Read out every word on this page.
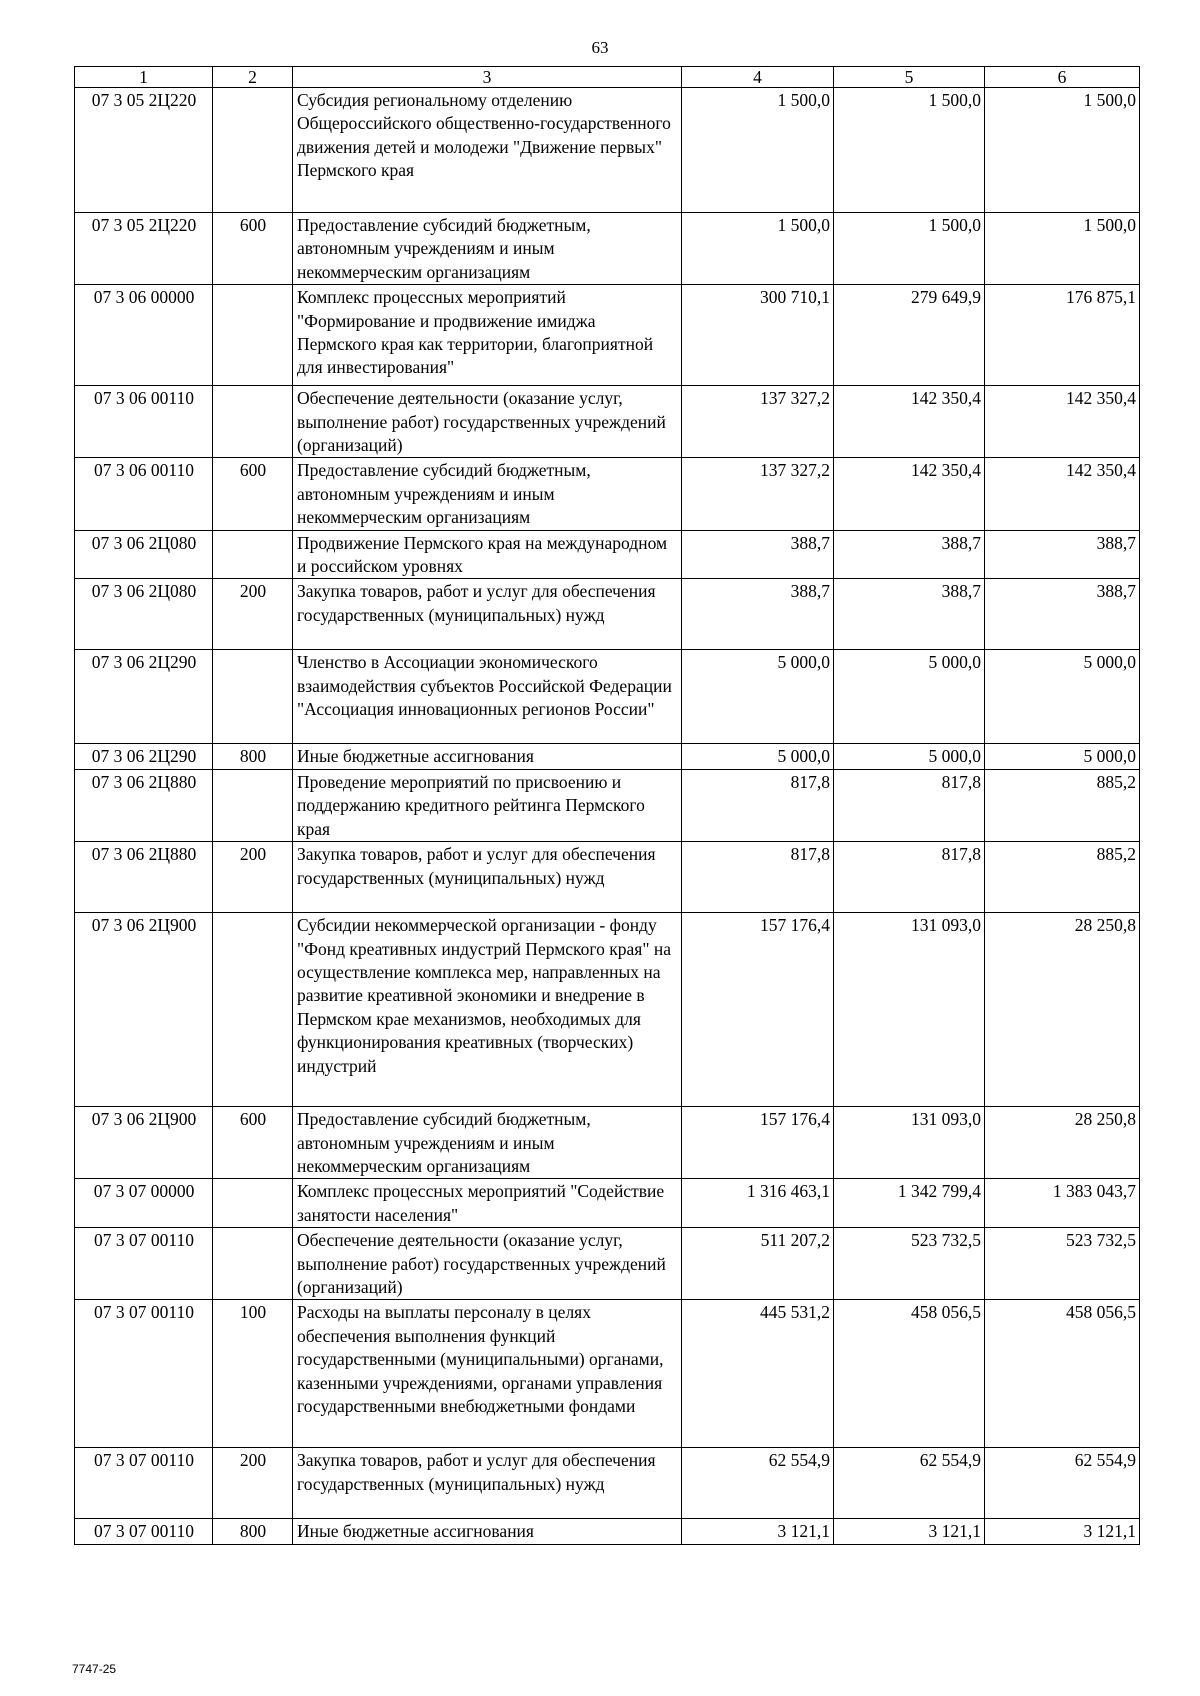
63
1	2	3	4	5	6
07 3 05 2Ц220		Субсидия региональному отделению Общероссийского общественно-государственного движения детей и молодежи "Движение первых" Пермского края	1 500,0	1 500,0	1 500,0
07 3 05 2Ц220	600	Предоставление субсидий бюджетным, автономным учреждениям и иным некоммерческим организациям	1 500,0	1 500,0	1 500,0
07 3 06 00000		Комплекс процессных мероприятий "Формирование и продвижение имиджа Пермского края как территории, благоприятной для инвестирования"	300 710,1	279 649,9	176 875,1
07 3 06 00110		Обеспечение деятельности (оказание услуг, выполнение работ) государственных учреждений (организаций)	137 327,2	142 350,4	142 350,4
07 3 06 00110	600	Предоставление субсидий бюджетным, автономным учреждениям и иным некоммерческим организациям	137 327,2	142 350,4	142 350,4
07 3 06 2Ц080		Продвижение Пермского края на международном и российском уровнях	388,7	388,7	388,7
07 3 06 2Ц080	200	Закупка товаров, работ и услуг для обеспечения государственных (муниципальных) нужд	388,7	388,7	388,7
07 3 06 2Ц290		Членство в Ассоциации экономического взаимодействия субъектов Российской Федерации "Ассоциация инновационных регионов России"	5 000,0	5 000,0	5 000,0
07 3 06 2Ц290	800	Иные бюджетные ассигнования	5 000,0	5 000,0	5 000,0
07 3 06 2Ц880		Проведение мероприятий по присвоению и поддержанию кредитного рейтинга Пермского края	817,8	817,8	885,2
07 3 06 2Ц880	200	Закупка товаров, работ и услуг для обеспечения государственных (муниципальных) нужд	817,8	817,8	885,2
07 3 06 2Ц900		Субсидии некоммерческой организации - фонду "Фонд креативных индустрий Пермского края" на осуществление комплекса мер, направленных на развитие креативной экономики и внедрение в Пермском крае механизмов, необходимых для функционирования креативных (творческих) индустрий	157 176,4	131 093,0	28 250,8
07 3 06 2Ц900	600	Предоставление субсидий бюджетным, автономным учреждениям и иным некоммерческим организациям	157 176,4	131 093,0	28 250,8
07 3 07 00000		Комплекс процессных мероприятий "Содействие занятости населения"	1 316 463,1	1 342 799,4	1 383 043,7
07 3 07 00110		Обеспечение деятельности (оказание услуг, выполнение работ) государственных учреждений (организаций)	511 207,2	523 732,5	523 732,5
07 3 07 00110	100	Расходы на выплаты персоналу в целях обеспечения выполнения функций государственными (муниципальными) органами, казенными учреждениями, органами управления государственными внебюджетными фондами	445 531,2	458 056,5	458 056,5
07 3 07 00110	200	Закупка товаров, работ и услуг для обеспечения государственных (муниципальных) нужд	62 554,9	62 554,9	62 554,9
07 3 07 00110	800	Иные бюджетные ассигнования	3 121,1	3 121,1	3 121,1
7747-25
